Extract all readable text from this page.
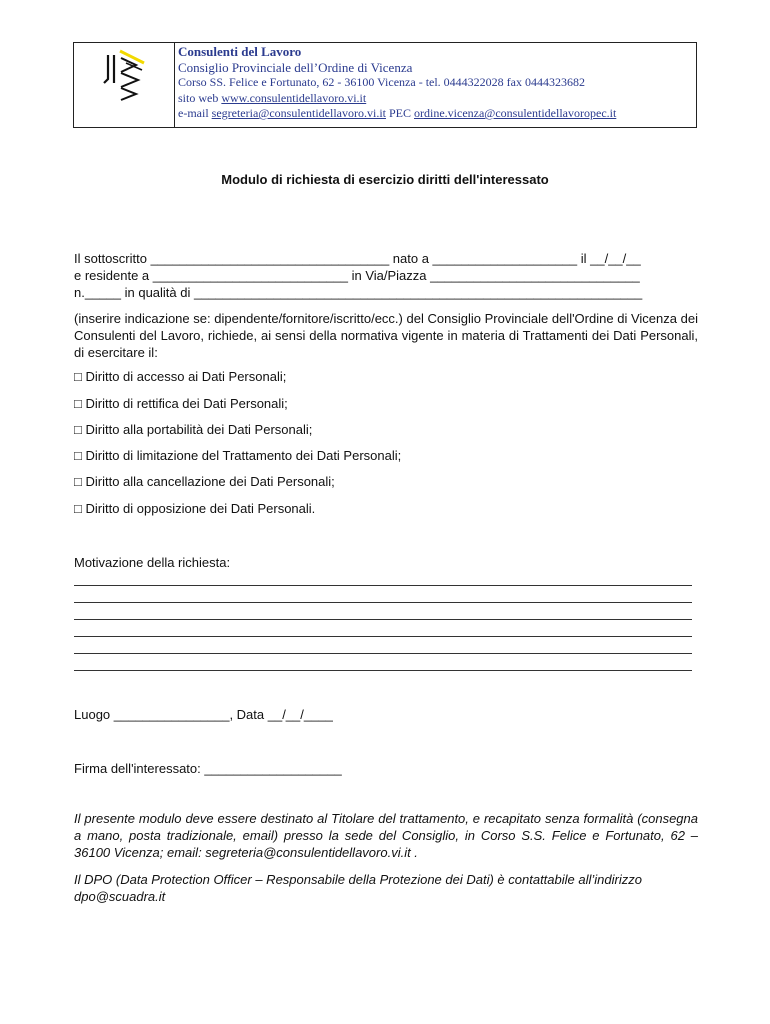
Consulenti del Lavoro
Consiglio Provinciale dell’Ordine di Vicenza
Corso SS. Felice e Fortunato, 62 - 36100 Vicenza - tel. 0444322028 fax 0444323682
sito web www.consulentidellavoro.vi.it
e-mail segreteria@consulentidellavoro.vi.it PEC ordine.vicenza@consulentidellavoropec.it
Modulo di richiesta di esercizio diritti dell'interessato
Il sottoscritto _________________________________ nato a ____________________ il __/__/__
e residente a ___________________________ in Via/Piazza _____________________________
n._____ in qualità di ______________________________________________________________
(inserire indicazione se: dipendente/fornitore/iscritto/ecc.) del Consiglio Provinciale dell'Ordine di Vicenza dei Consulenti del Lavoro, richiede, ai sensi della normativa vigente in materia di Trattamenti dei Dati Personali, di esercitare il:
□ Diritto di accesso ai Dati Personali;
□ Diritto di rettifica dei Dati Personali;
□ Diritto alla portabilità dei Dati Personali;
□ Diritto di limitazione del Trattamento dei Dati Personali;
□ Diritto alla cancellazione dei Dati Personali;
□ Diritto di opposizione dei Dati Personali.
Motivazione della richiesta:
Luogo ________________, Data __/__/____
Firma dell'interessato: ___________________
Il presente modulo deve essere destinato al Titolare del trattamento, e recapitato senza formalità (consegna a mano, posta tradizionale, email) presso la sede del Consiglio, in Corso S.S. Felice e Fortunato, 62 – 36100 Vicenza; email: segreteria@consulentidellavoro.vi.it .
Il DPO (Data Protection Officer – Responsabile della Protezione dei Dati) è contattabile all’indirizzo dpo@scuadra.it
